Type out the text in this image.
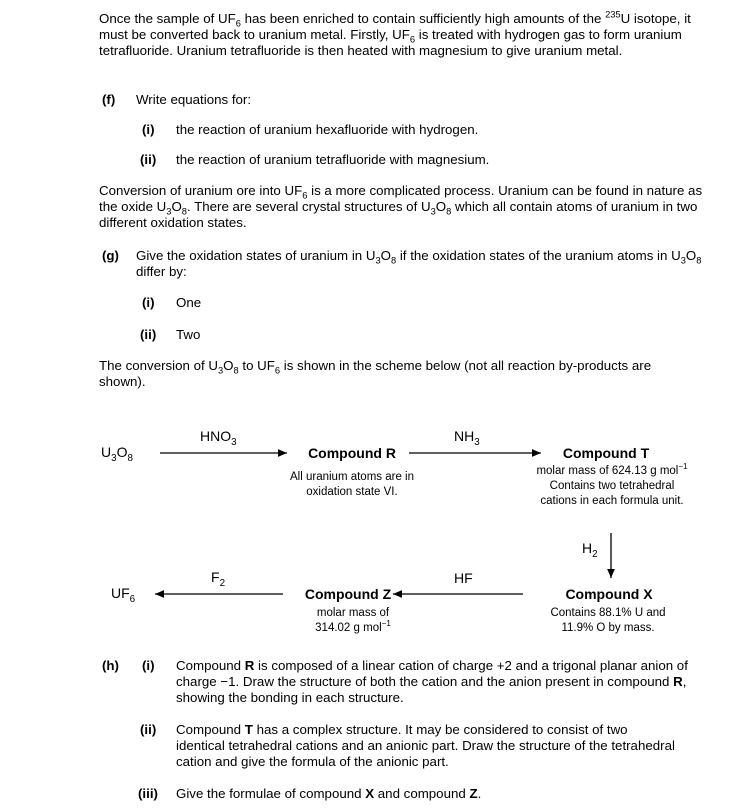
Once the sample of $UF_6$ has been enriched to contain sufficiently high amounts of the $^{235}$U isotope, it must be converted back to uranium metal. Firstly, $UF_6$ is treated with hydrogen gas to form uranium tetrafluoride. Uranium tetrafluoride is then heated with magnesium to give uranium metal.

(f) Write equations for:
(i) the reaction of uranium hexafluoride with hydrogen.
(ii) the reaction of uranium tetrafluoride with magnesium.

Conversion of uranium ore into $UF_6$ is a more complicated process. Uranium can be found in nature as the oxide $U_3O_8$. There are several crystal structures of $U_3O_8$ which all contain atoms of uranium in two different oxidation states.

(g) Give the oxidation states of uranium in $U_3O_8$ if the oxidation states of the uranium atoms in $U_3O_8$ differ by:

(i) One
(ii) Two

The conversion of $U_3O_8$ to $UF_6$ is shown in the scheme below (not all reaction by-products are shown).

$U_3O_8$
$HNO_3$	$NH_3$
$H_2$
HF
$F_2$
$UF_6$
Compound R
All uranium atoms are in
oxidation state VI.
Compound T
molar mass of 624.13 g mol$^{-1}$
Contains two tetrahedral
cations in each formula unit.
Compound X
Contains 88.1% U and
11.9% O by mass.
Compound Z
molar mass of
314.02 g mol$^{-1}$
(h) (i) Compound R is composed of a linear cation of charge +2 and a trigonal planar anion of charge −1. Draw the structure of both the cation and the anion present in compound R, showing the bonding in each structure.

(ii) Compound T has a complex structure. It may be considered to consist of two identical tetrahedral cations and an anionic part. Draw the structure of the tetrahedral cation and give the formula of the anionic part.

(iii) Give the formulae of compound X and compound Z.
